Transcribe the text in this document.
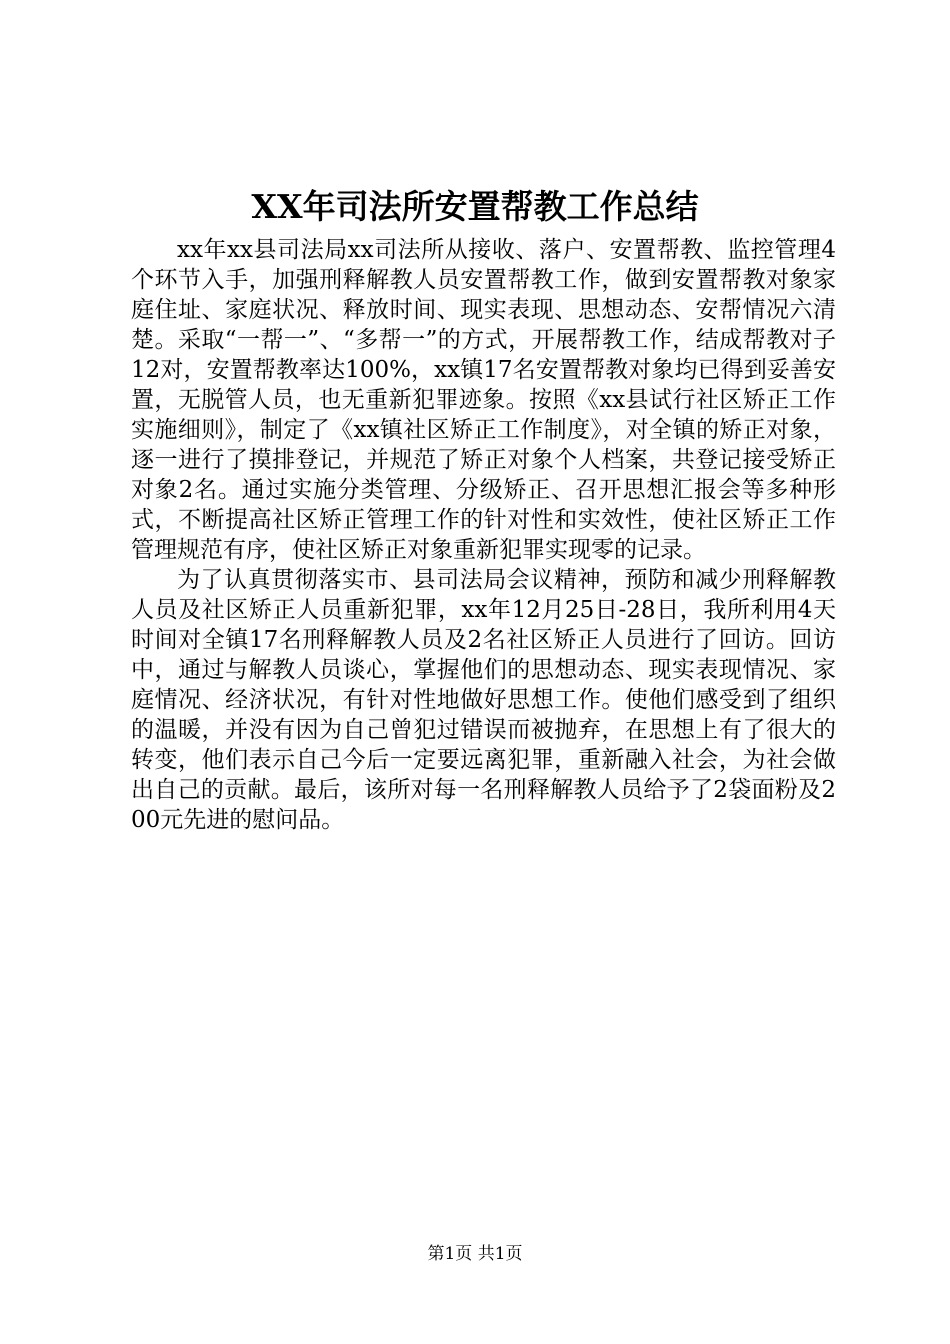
XX年司法所安置帮教工作总结

xx年xx县司法局xx司法所从接收、落户、安置帮教、监控管理4个环节入手，加强刑释解教人员安置帮教工作，做到安置帮教对象家庭住址、家庭状况、释放时间、现实表现、思想动态、安帮情况六清楚。采取“一帮一”、“多帮一”的方式，开展帮教工作，结成帮教对子12对，安置帮教率达100%，xx镇17名安置帮教对象均已得到妥善安置，无脱管人员，也无重新犯罪迹象。按照《xx县试行社区矫正工作实施细则》，制定了《xx镇社区矫正工作制度》，对全镇的矫正对象，逐一进行了摸排登记，并规范了矫正对象个人档案，共登记接受矫正对象2名。通过实施分类管理、分级矫正、召开思想汇报会等多种形式，不断提高社区矫正管理工作的针对性和实效性，使社区矫正工作管理规范有序，使社区矫正对象重新犯罪实现零的记录。

为了认真贯彻落实市、县司法局会议精神，预防和减少刑释解教人员及社区矫正人员重新犯罪，xx年12月25日-28日，我所利用4天时间对全镇17名刑释解教人员及2名社区矫正人员进行了回访。回访中，通过与解教人员谈心，掌握他们的思想动态、现实表现情况、家庭情况、经济状况，有针对性地做好思想工作。使他们感受到了组织的温暖，并没有因为自己曾犯过错误而被抛弃，在思想上有了很大的转变，他们表示自己今后一定要远离犯罪，重新融入社会，为社会做出自己的贡献。最后，该所对每一名刑释解教人员给予了2袋面粉及200元先进的慰问品。

第1页 共1页
